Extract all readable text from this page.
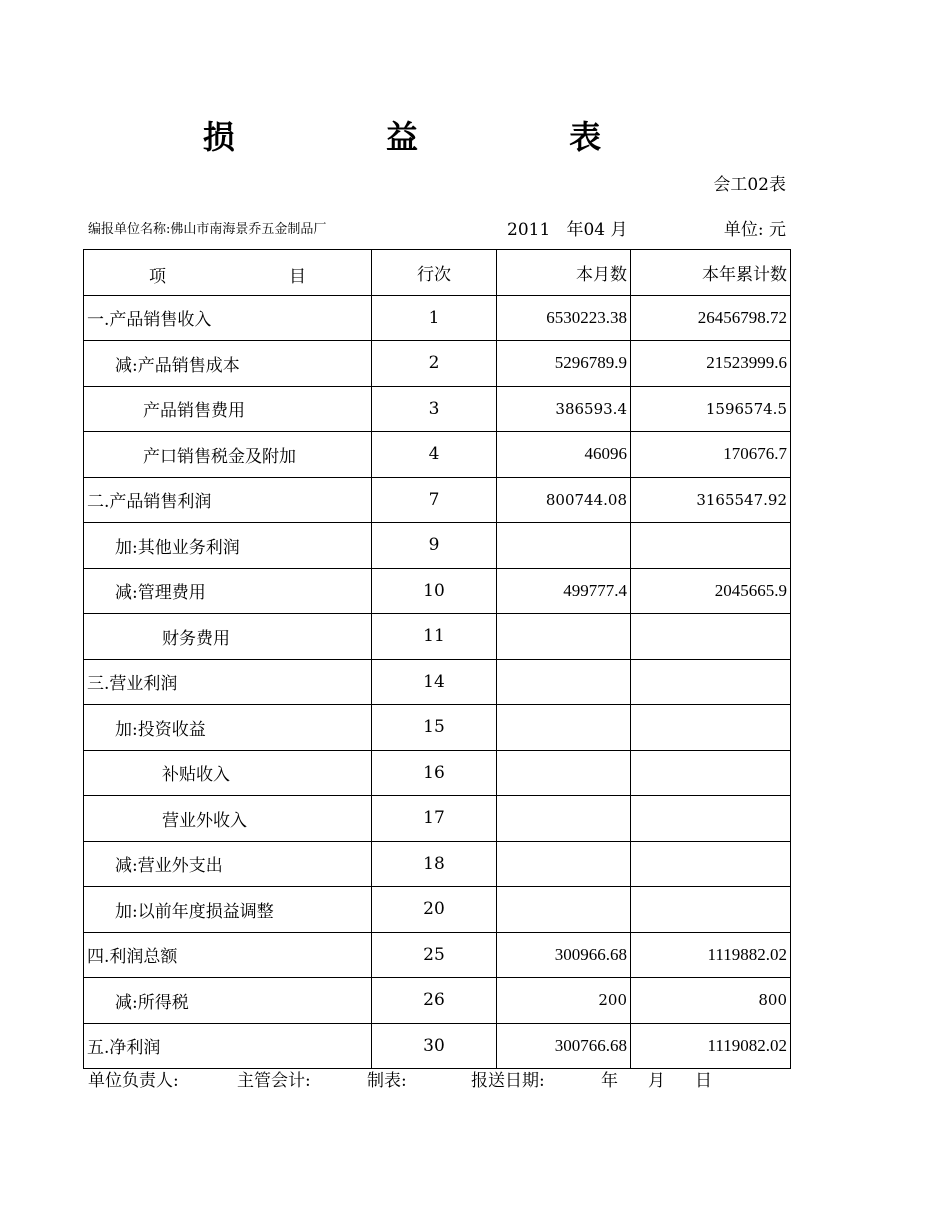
损 益 表
会工02表
编报单位名称:佛山市南海景乔五金制品厂	2011 年04 月	单位: 元
项 目	行次	本月数	本年累计数
一.产品销售收入	1	6530223.38	26456798.72
减:产品销售成本	2	5296789.9	21523999.6
产品销售费用	3	386593.4	1596574.5
产口销售税金及附加	4	46096	170676.7
二.产品销售利润	7	800744.08	3165547.92
加:其他业务利润	9		
减:管理费用	10	499777.4	2045665.9
财务费用	11		
三.营业利润	14		
加:投资收益	15		
补贴收入	16		
营业外收入	17		
减:营业外支出	18		
加:以前年度损益调整	20		
四.利润总额	25	300966.68	1119882.02
减:所得税	26	200	800
五.净利润	30	300766.68	1119082.02
单位负责人:	主管会计:	制表:	报送日期:	年 月 日
